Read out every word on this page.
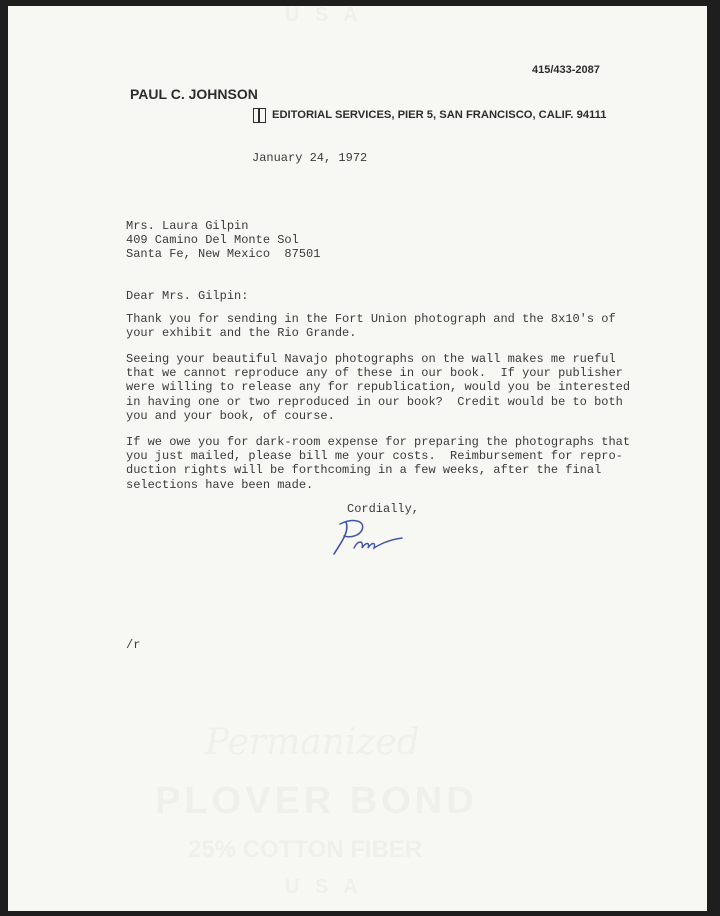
U S A
Permanized
PLOVER BOND
25% COTTON FIBER
U S A
415/433-2087
PAUL C. JOHNSON
EDITORIAL SERVICES, PIER 5, SAN FRANCISCO, CALIF. 94111
January 24, 1972
Mrs. Laura Gilpin
409 Camino Del Monte Sol
Santa Fe, New Mexico  87501
Dear Mrs. Gilpin:
Thank you for sending in the Fort Union photograph and the 8x10's of
your exhibit and the Rio Grande.
Seeing your beautiful Navajo photographs on the wall makes me rueful
that we cannot reproduce any of these in our book.  If your publisher
were willing to release any for republication, would you be interested
in having one or two reproduced in our book?  Credit would be to both
you and your book, of course.
If we owe you for dark-room expense for preparing the photographs that
you just mailed, please bill me your costs.  Reimbursement for repro-
duction rights will be forthcoming in a few weeks, after the final
selections have been made.
Cordially,
/r
